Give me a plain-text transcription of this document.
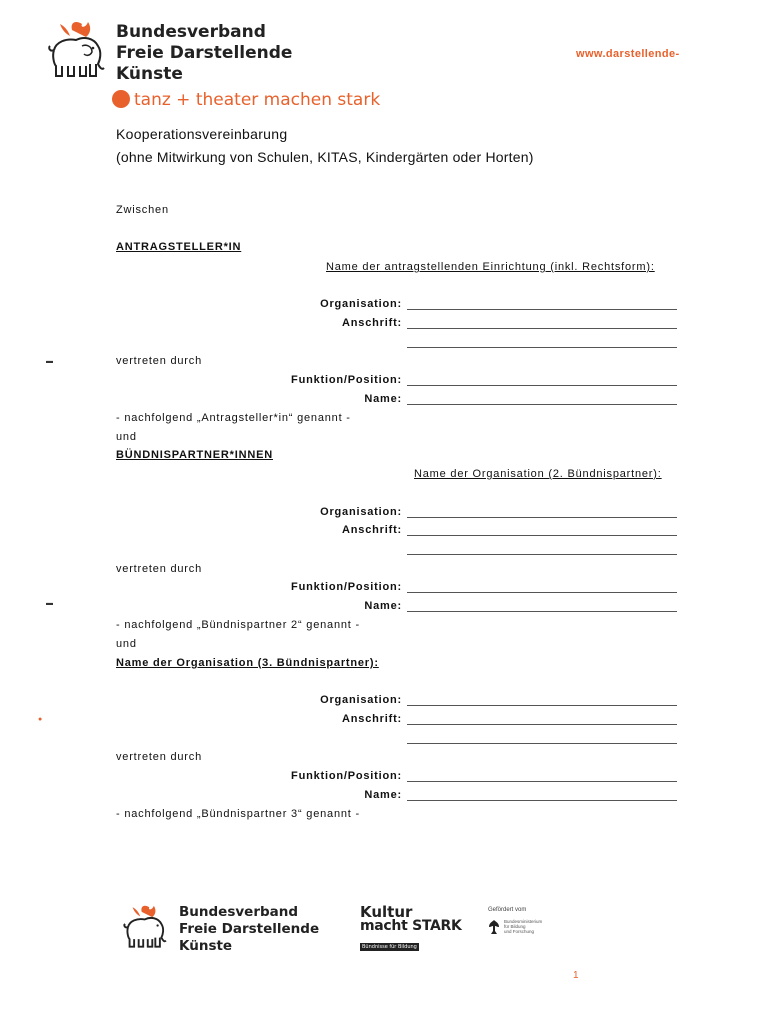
Bundesverband
Freie Darstellende
Künste
www.darstellende-
tanz + theater machen stark
Kooperationsvereinbarung
(ohne Mitwirkung von Schulen, KITAS, Kindergärten oder Horten)
Zwischen
ANTRAGSTELLER*IN
Name der antragstellenden Einrichtung (inkl. Rechtsform):
Organisation:
Anschrift:
▬	vertreten durch
Funktion/Position:
Name:
- nachfolgend „Antragsteller*in“ genannt -
und
BÜNDNISPARTNER*INNEN
Name der Organisation (2. Bündnispartner):
Organisation:
Anschrift:
vertreten durch
Funktion/Position:
▬	Name:
- nachfolgend „Bündnispartner 2“ genannt -
und
Name der Organisation (3. Bündnispartner):
Organisation:
●	Anschrift:
vertreten durch
Funktion/Position:
Name:
- nachfolgend „Bündnispartner 3“ genannt -
Bundesverband
Freie Darstellende
Künste
Kultur
macht STARK
Bündnisse für Bildung
Gefördert vom
Bundesministerium
für Bildung
und Forschung
1
